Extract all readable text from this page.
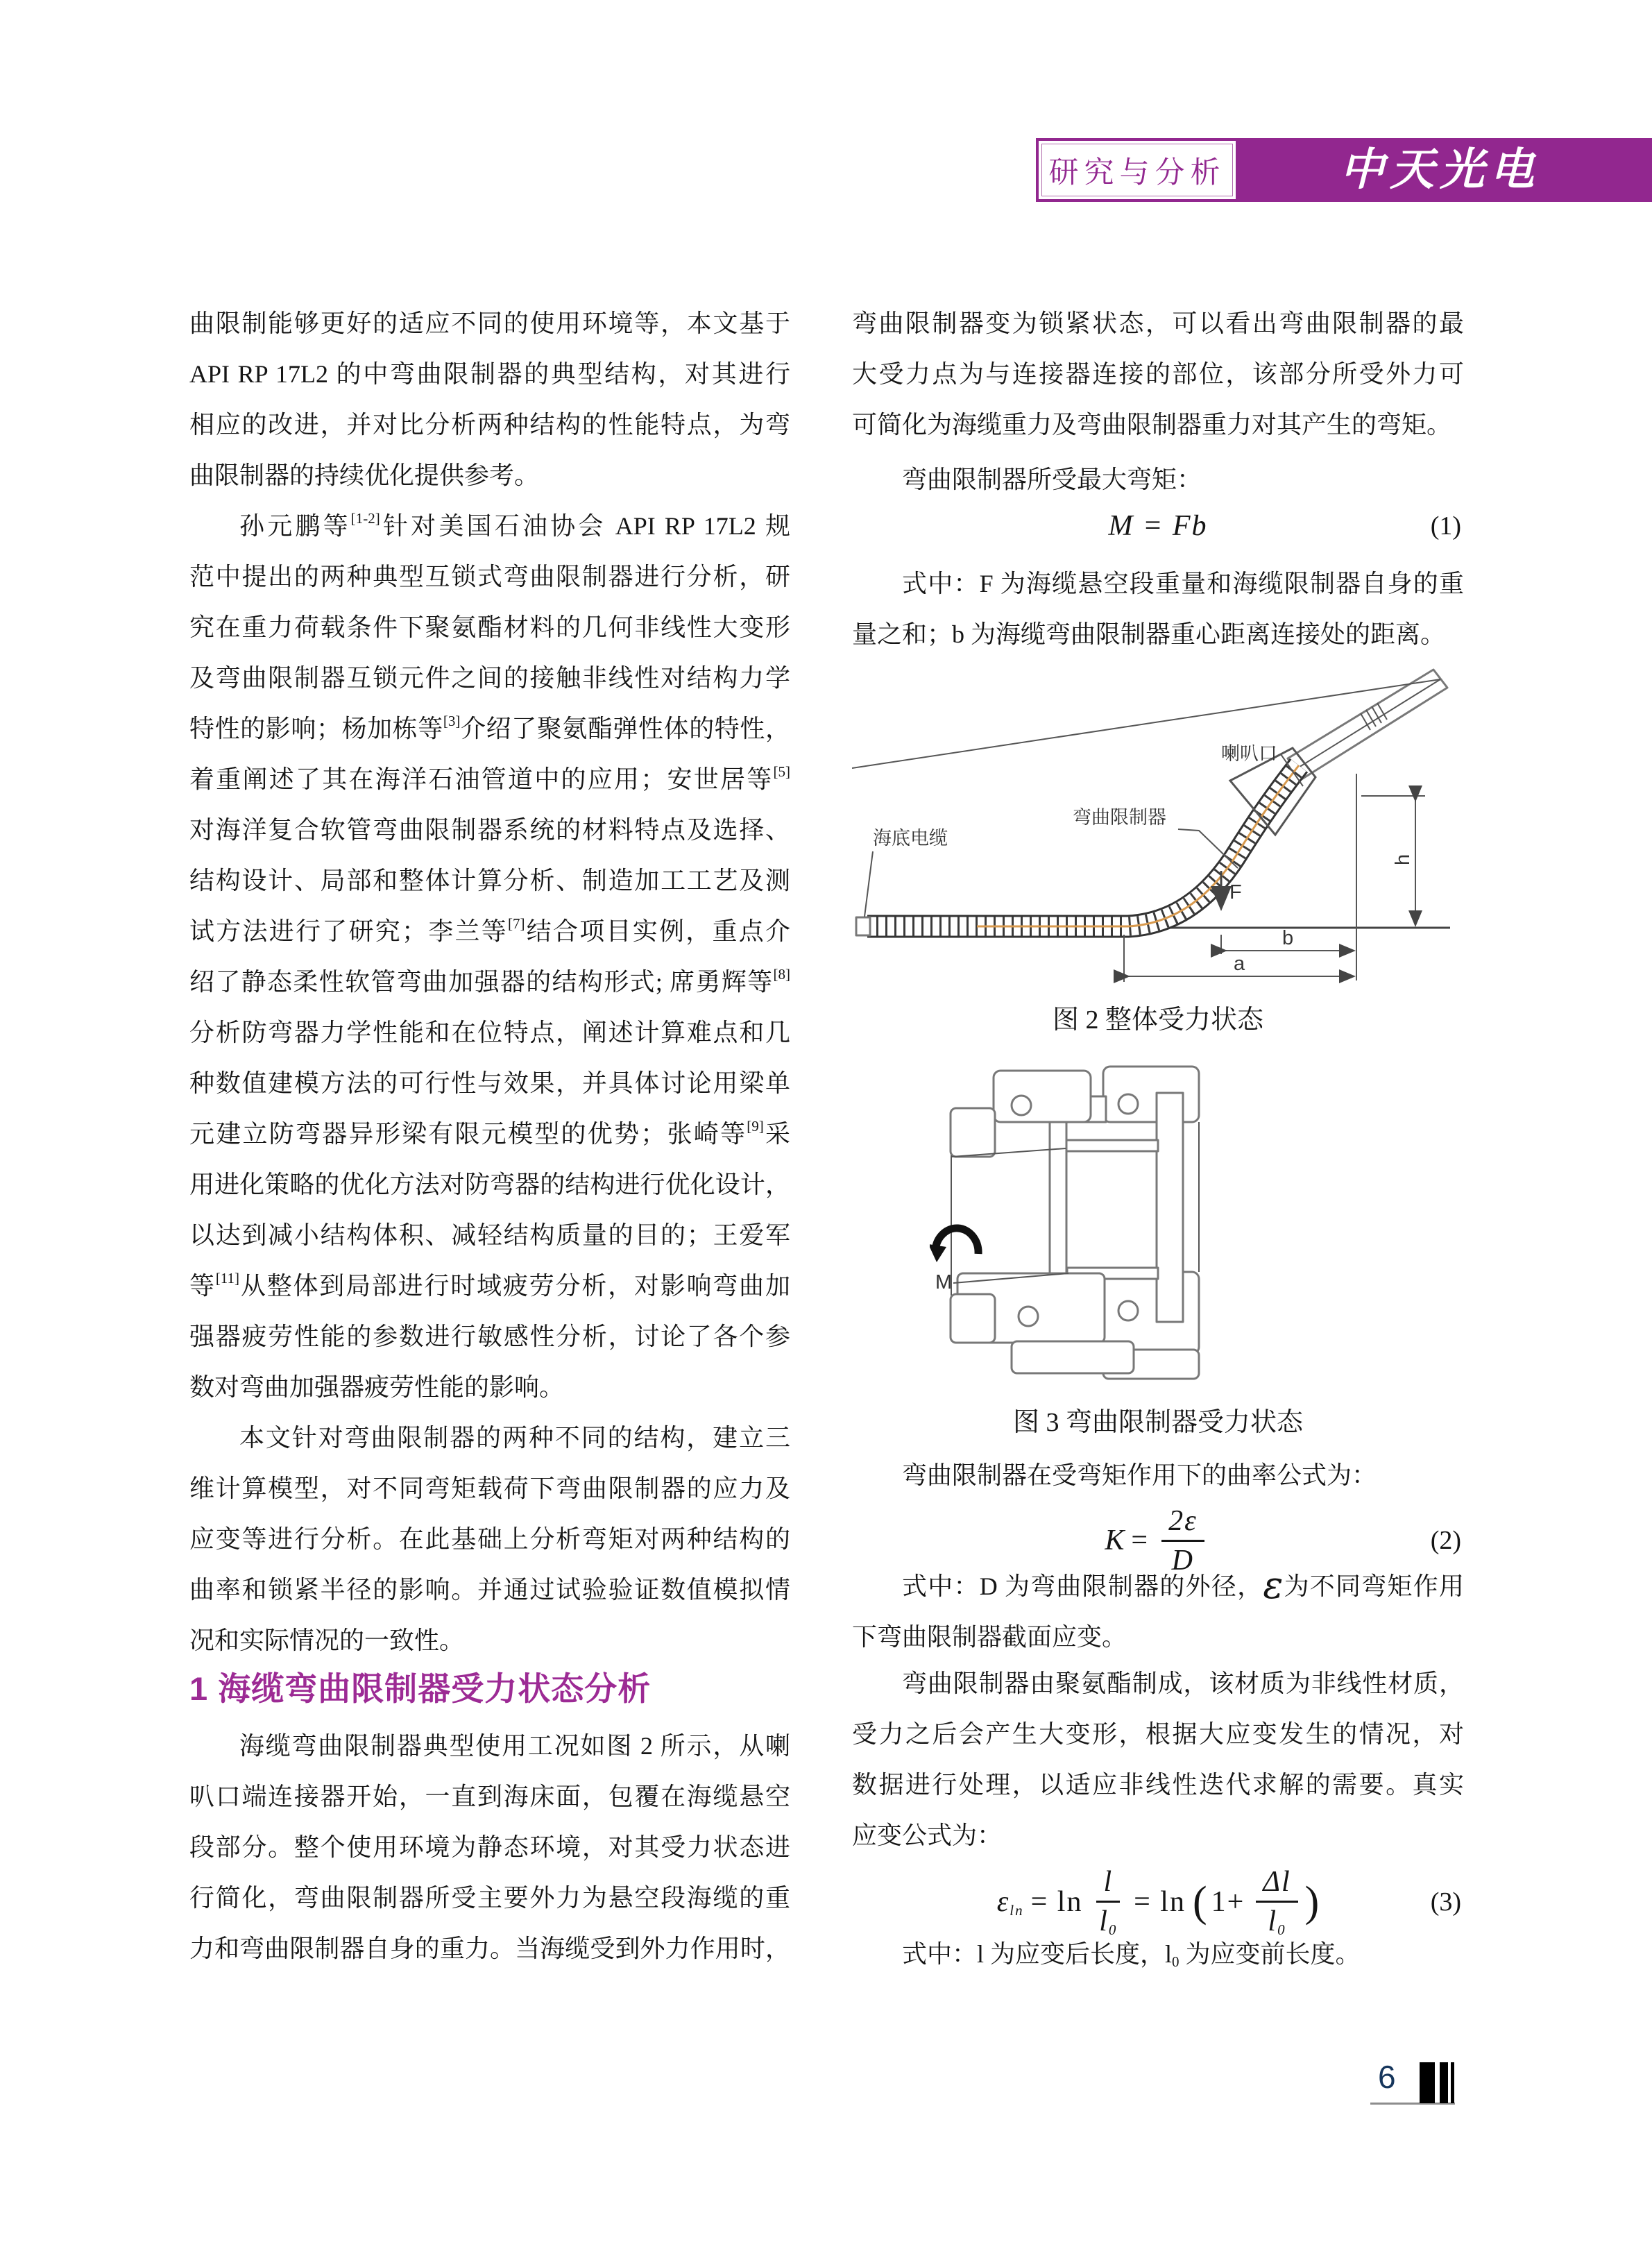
研究与分析	中天光电
曲限制能够更好的适应不同的使用环境等，本文基于
API RP 17L2 的中弯曲限制器的典型结构，对其进行
相应的改进，并对比分析两种结构的性能特点，为弯
曲限制器的持续优化提供参考。
孙元鹏等[1-2]针对美国石油协会 API RP 17L2 规
范中提出的两种典型互锁式弯曲限制器进行分析，研
究在重力荷载条件下聚氨酯材料的几何非线性大变形
及弯曲限制器互锁元件之间的接触非线性对结构力学
特性的影响；杨加栋等[3]介绍了聚氨酯弹性体的特性，
着重阐述了其在海洋石油管道中的应用；安世居等[5]
对海洋复合软管弯曲限制器系统的材料特点及选择、
结构设计、局部和整体计算分析、制造加工工艺及测
试方法进行了研究；李兰等[7]结合项目实例，重点介
绍了静态柔性软管弯曲加强器的结构形式; 席勇辉等[8]
分析防弯器力学性能和在位特点，阐述计算难点和几
种数值建模方法的可行性与效果，并具体讨论用梁单
元建立防弯器异形梁有限元模型的优势；张崎等[9]采
用进化策略的优化方法对防弯器的结构进行优化设计，
以达到减小结构体积、减轻结构质量的目的；王爱军
等[11]从整体到局部进行时域疲劳分析，对影响弯曲加
强器疲劳性能的参数进行敏感性分析，讨论了各个参
数对弯曲加强器疲劳性能的影响。
本文针对弯曲限制器的两种不同的结构，建立三
维计算模型，对不同弯矩载荷下弯曲限制器的应力及
应变等进行分析。在此基础上分析弯矩对两种结构的
曲率和锁紧半径的影响。并通过试验验证数值模拟情
况和实际情况的一致性。
1 海缆弯曲限制器受力状态分析
海缆弯曲限制器典型使用工况如图 2 所示，从喇
叭口端连接器开始，一直到海床面，包覆在海缆悬空
段部分。整个使用环境为静态环境，对其受力状态进
行简化，弯曲限制器所受主要外力为悬空段海缆的重
力和弯曲限制器自身的重力。当海缆受到外力作用时，
弯曲限制器变为锁紧状态，可以看出弯曲限制器的最
大受力点为与连接器连接的部位，该部分所受外力可
可简化为海缆重力及弯曲限制器重力对其产生的弯矩。
弯曲限制器所受最大弯矩：
M = Fb	(1)
式中：F 为海缆悬空段重量和海缆限制器自身的重
量之和；b 为海缆弯曲限制器重心距离连接处的距离。
F
b
a
h
海底电缆
弯曲限制器
喇叭口
图 2 整体受力状态
M
图 3 弯曲限制器受力状态
弯曲限制器在受弯矩作用下的曲率公式为：
$K = \frac{2\varepsilon}{D}$	(2)
式中：D 为弯曲限制器的外径，ε为不同弯矩作用
下弯曲限制器截面应变。
弯曲限制器由聚氨酯制成，该材质为非线性材质，
受力之后会产生大变形，根据大应变发生的情况，对
数据进行处理，以适应非线性迭代求解的需要。真实
应变公式为：
$\varepsilon_{ln} = \ln \frac{l}{l_0} = \ln$ ( $1+ \frac{\Delta l}{l_0}$ )	(3)
式中：l 为应变后长度，$l_0$ 为应变前长度。
6
